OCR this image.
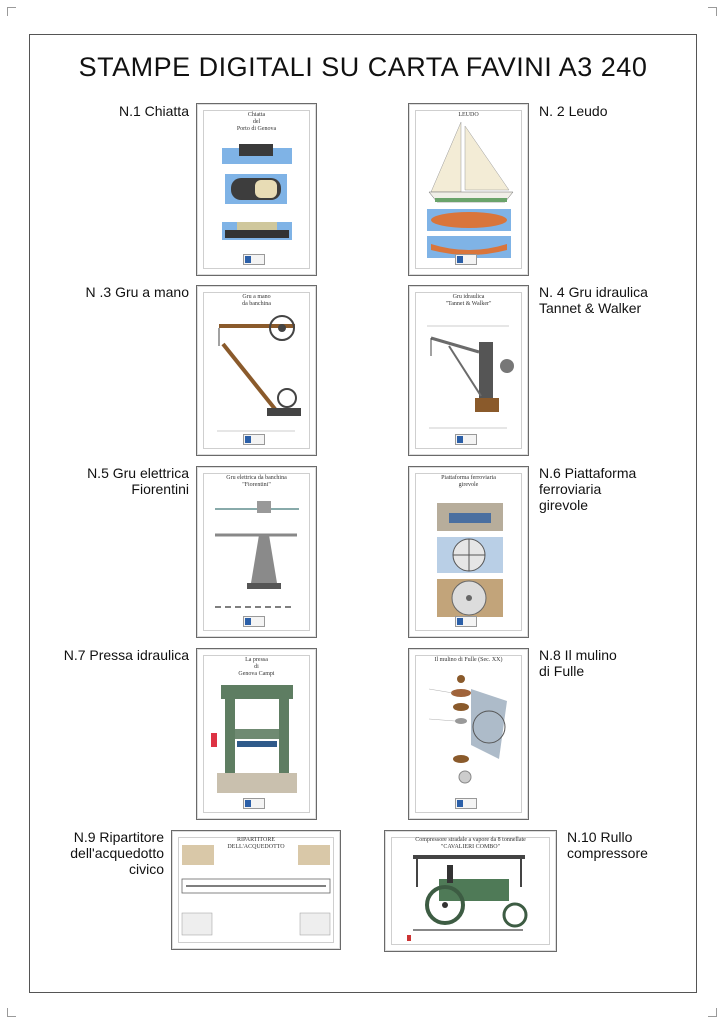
STAMPE DIGITALI SU CARTA FAVINI A3 240
N.1 Chiatta	Chiatta
del
Porto di Genova
N. 2 Leudo
LEUDO
N .3 Gru a mano	Gru a mano
da banchina
N. 4 Gru idraulica
Tannet & Walker
Gru idraulica
"Tannet & Walker"
N.5 Gru elettrica
Fiorentini
Gru elettrica da banchina
"Fiorentini"
N.6 Piattaforma
ferroviaria
girevole
Piattaforma ferroviaria
girevole
N.7 Pressa idraulica	La pressa
di
Genova Campi
N.8 Il mulino
di Fulle
Il mulino di Fulle (Sec. XX)
N.9 Ripartitore
dell'acquedotto
civico
RIPARTITORE
DELL'ACQUEDOTTO
N.10 Rullo
compressore
Compressore stradale a vapore da 8 tonnellate
"CAVALIERI COMBO"
